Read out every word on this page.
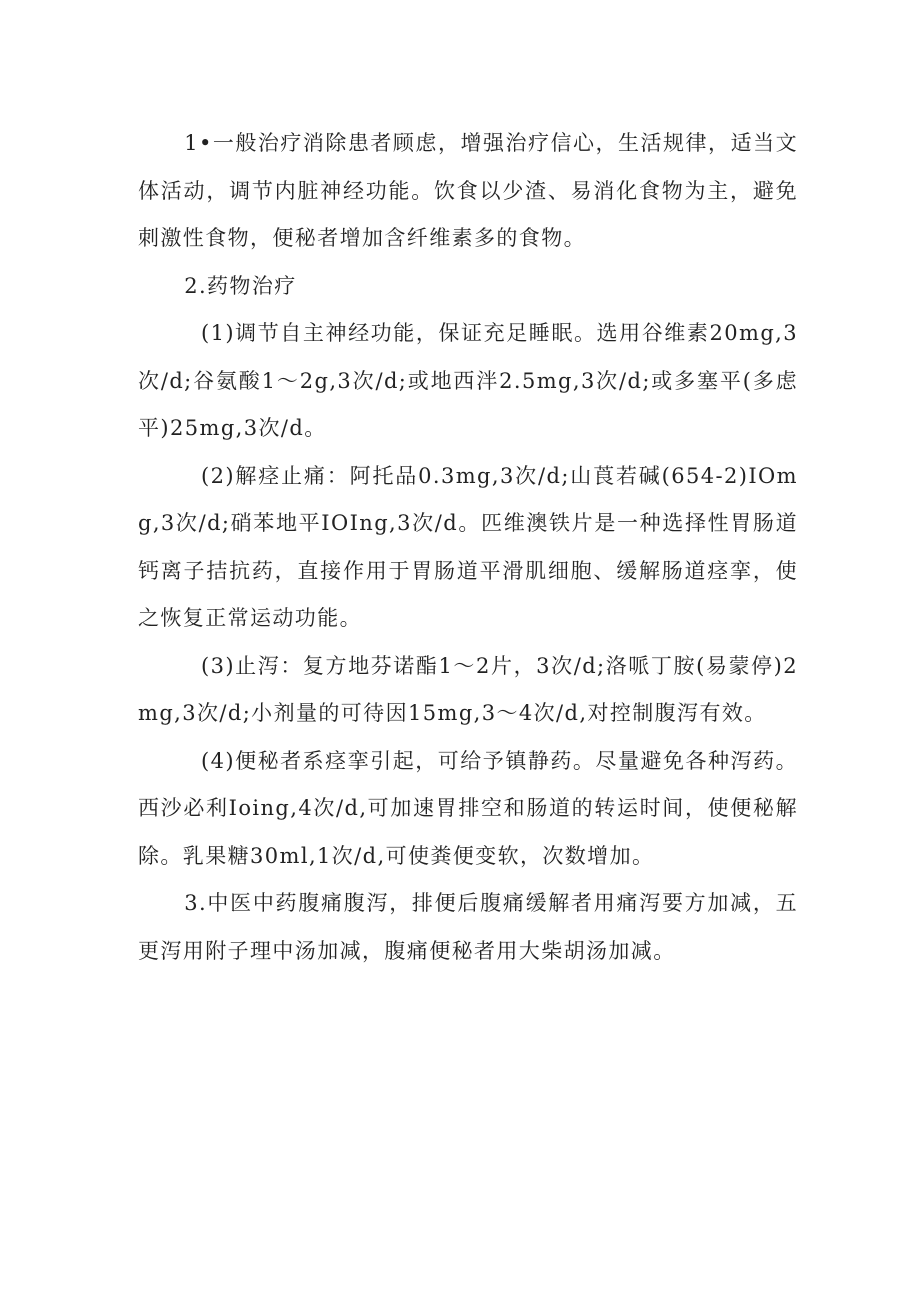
1•一般治疗消除患者顾虑，增强治疗信心，生活规律，适当文体活动，调节内脏神经功能。饮食以少渣、易消化食物为主，避免刺激性食物，便秘者增加含纤维素多的食物。

2.药物治疗

(1)调节自主神经功能，保证充足睡眠。选用谷维素20mg,3次/d;谷氨酸1～2g,3次/d;或地西泮2.5mg,3次/d;或多塞平(多虑平)25mg,3次/d。

(2)解痉止痛：阿托品0.3mg,3次/d;山莨若碱(654-2)IOmg,3次/d;硝苯地平IOIng,3次/d。匹维澳铁片是一种选择性胃肠道钙离子拮抗药，直接作用于胃肠道平滑肌细胞、缓解肠道痉挛，使之恢复正常运动功能。

(3)止泻：复方地芬诺酯1～2片，3次/d;洛哌丁胺(易蒙停)2mg,3次/d;小剂量的可待因15mg,3～4次/d,对控制腹泻有效。

(4)便秘者系痉挛引起，可给予镇静药。尽量避免各种泻药。西沙必利Ioing,4次/d,可加速胃排空和肠道的转运时间，使便秘解除。乳果糖30ml,1次/d,可使粪便变软，次数增加。

3.中医中药腹痛腹泻，排便后腹痛缓解者用痛泻要方加减，五更泻用附子理中汤加减，腹痛便秘者用大柴胡汤加减。
